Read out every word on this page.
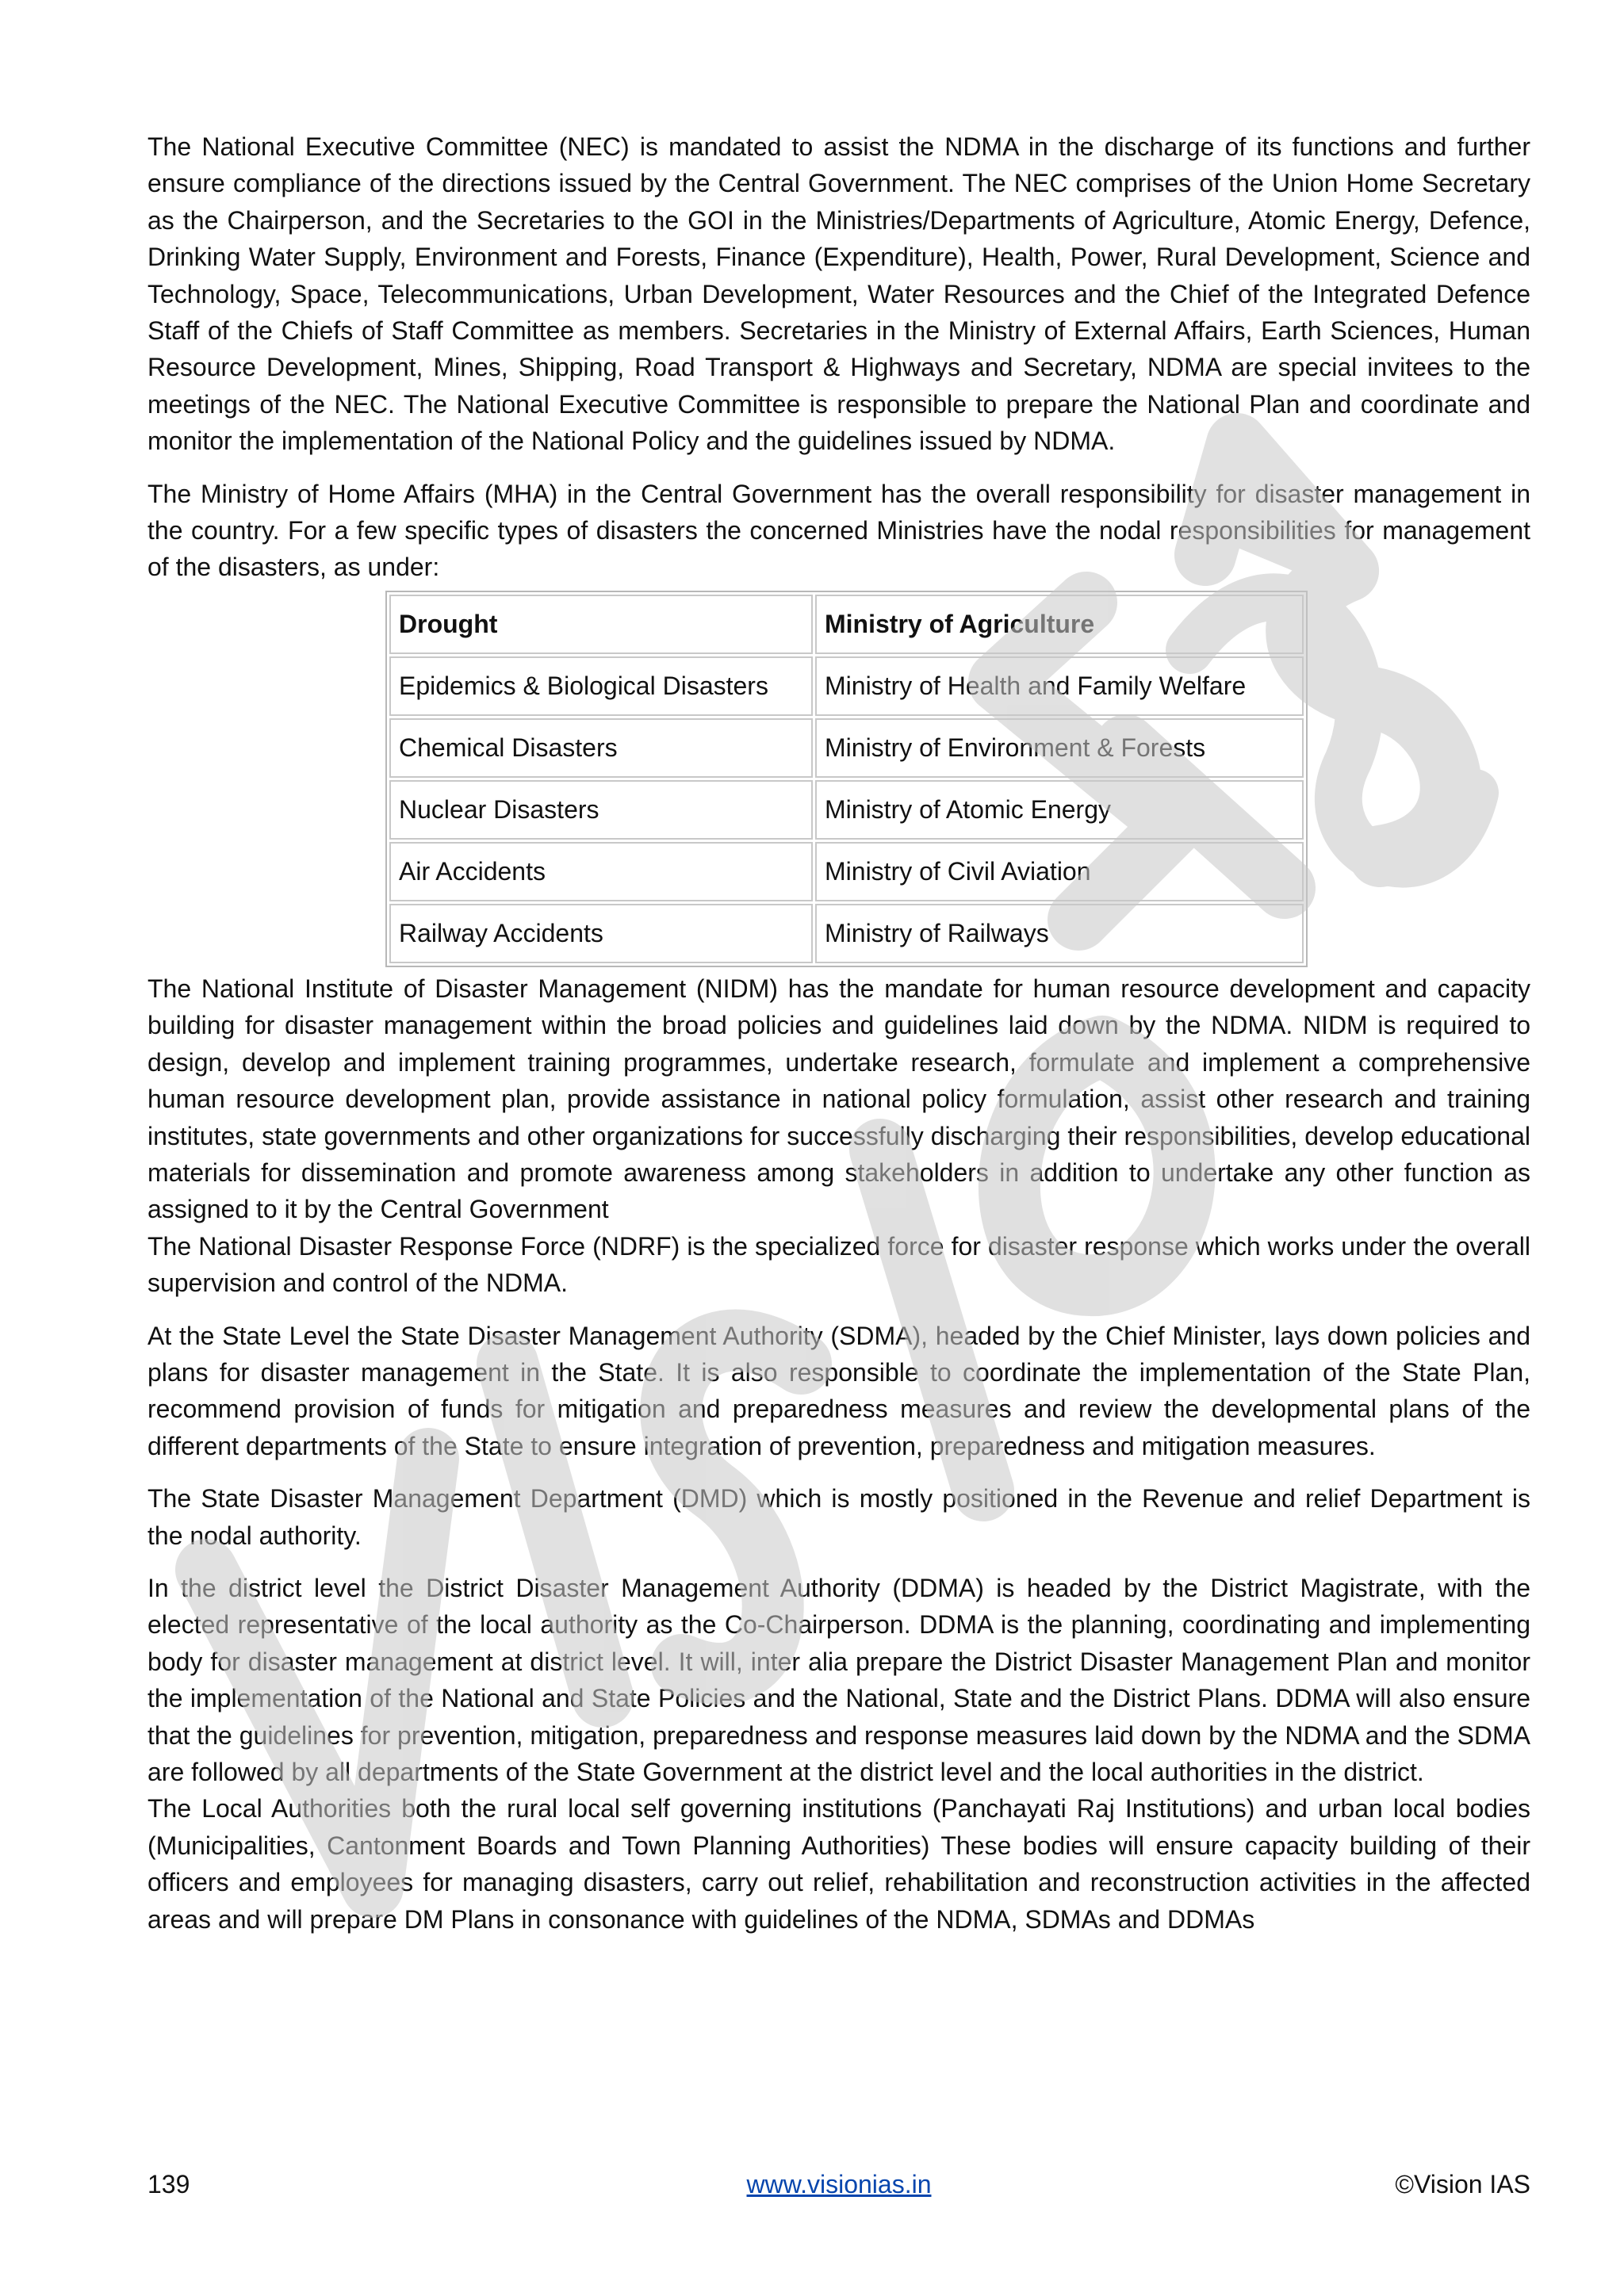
The National Executive Committee (NEC) is mandated to assist the NDMA in the discharge of its functions and further ensure compliance of the directions issued by the Central Government. The NEC comprises of the Union Home Secretary as the Chairperson, and the Secretaries to the GOI in the Ministries/Departments of Agriculture, Atomic Energy, Defence, Drinking Water Supply, Environment and Forests, Finance (Expenditure), Health, Power, Rural Development, Science and Technology, Space, Telecommunications, Urban Development, Water Resources and the Chief of the Integrated Defence Staff of the Chiefs of Staff Committee as members. Secretaries in the Ministry of External Affairs, Earth Sciences, Human Resource Development, Mines, Shipping, Road Transport & Highways and Secretary, NDMA are special invitees to the meetings of the NEC. The National Executive Committee is responsible to prepare the National Plan and coordinate and monitor the implementation of the National Policy and the guidelines issued by NDMA.

The Ministry of Home Affairs (MHA) in the Central Government has the overall responsibility for disaster management in the country. For a few specific types of disasters the concerned Ministries have the nodal responsibilities for management of the disasters, as under:

Drought	Ministry of Agriculture
Epidemics & Biological Disasters	Ministry of Health and Family Welfare
Chemical Disasters	Ministry of Environment & Forests
Nuclear Disasters	Ministry of Atomic Energy
Air Accidents	Ministry of Civil Aviation
Railway Accidents	Ministry of Railways

The National Institute of Disaster Management (NIDM) has the mandate for human resource development and capacity building for disaster management within the broad policies and guidelines laid down by the NDMA. NIDM is required to design, develop and implement training programmes, undertake research, formulate and implement a comprehensive human resource development plan, provide assistance in national policy formulation, assist other research and training institutes, state governments and other organizations for successfully discharging their responsibilities, develop educational materials for dissemination and promote awareness among stakeholders in addition to undertake any other function as assigned to it by the Central Government

The National Disaster Response Force (NDRF) is the specialized force for disaster response which works under the overall supervision and control of the NDMA.

At the State Level the State Disaster Management Authority (SDMA), headed by the Chief Minister, lays down policies and plans for disaster management in the State. It is also responsible to coordinate the implementation of the State Plan, recommend provision of funds for mitigation and preparedness measures and review the developmental plans of the different departments of the State to ensure integration of prevention, preparedness and mitigation measures.

The State Disaster Management Department (DMD) which is mostly positioned in the Revenue and relief Department is the nodal authority.

In the district level the District Disaster Management Authority (DDMA) is headed by the District Magistrate, with the elected representative of the local authority as the Co-Chairperson. DDMA is the planning, coordinating and implementing body for disaster management at district level. It will, inter alia prepare the District Disaster Management Plan and monitor the implementation of the National and State Policies and the National, State and the District Plans. DDMA will also ensure that the guidelines for prevention, mitigation, preparedness and response measures laid down by the NDMA and the SDMA are followed by all departments of the State Government at the district level and the local authorities in the district.

The Local Authorities both the rural local self governing institutions (Panchayati Raj Institutions) and urban local bodies (Municipalities, Cantonment Boards and Town Planning Authorities) These bodies will ensure capacity building of their officers and employees for managing disasters, carry out relief, rehabilitation and reconstruction activities in the affected areas and will prepare DM Plans in consonance with guidelines of the NDMA, SDMAs and DDMAs

139	www.visionias.in	©Vision IAS
